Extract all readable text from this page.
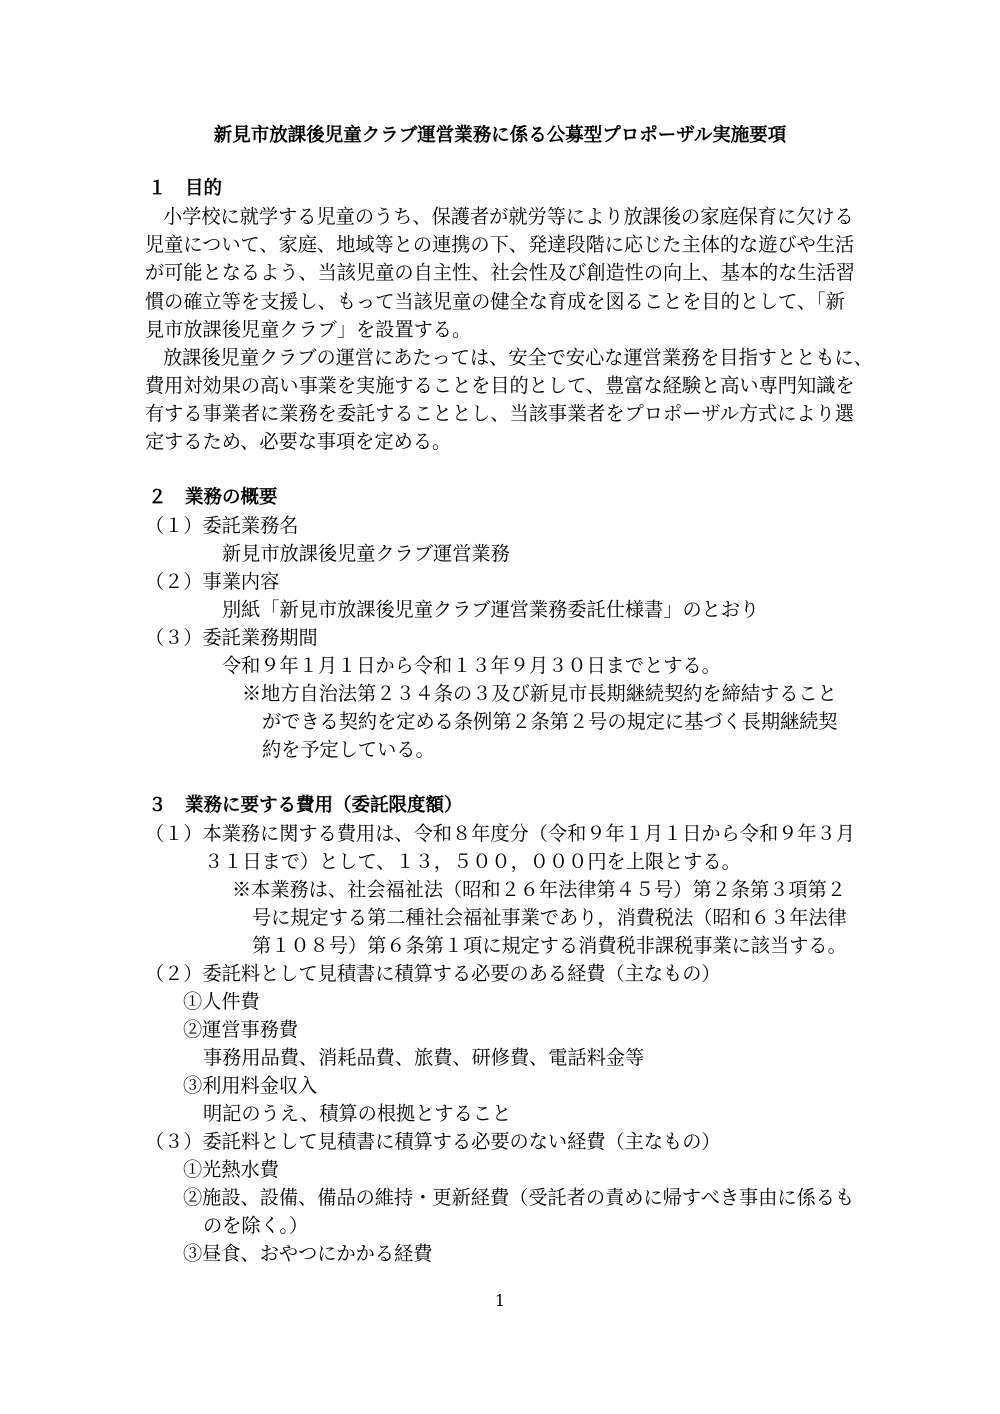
新見市放課後児童クラブ運営業務に係る公募型プロポーザル実施要項
１　目的
小学校に就学する児童のうち、保護者が就労等により放課後の家庭保育に欠ける
児童について、家庭、地域等との連携の下、発達段階に応じた主体的な遊びや生活
が可能となるよう、当該児童の自主性、社会性及び創造性の向上、基本的な生活習
慣の確立等を支援し、もって当該児童の健全な育成を図ることを目的として、「新
見市放課後児童クラブ」を設置する。
放課後児童クラブの運営にあたっては、安全で安心な運営業務を目指すとともに、
費用対効果の高い事業を実施することを目的として、豊富な経験と高い専門知識を
有する事業者に業務を委託することとし、当該事業者をプロポーザル方式により選
定するため、必要な事項を定める。
２　業務の概要
（１）委託業務名
新見市放課後児童クラブ運営業務
（２）事業内容
別紙「新見市放課後児童クラブ運営業務委託仕様書」のとおり
（３）委託業務期間
令和９年１月１日から令和１３年９月３０日までとする。
※地方自治法第２３４条の３及び新見市長期継続契約を締結すること
ができる契約を定める条例第２条第２号の規定に基づく長期継続契
約を予定している。
３　業務に要する費用（委託限度額）
（１）本業務に関する費用は、令和８年度分（令和９年１月１日から令和９年３月
３１日まで）として、１３，５００，０００円を上限とする。
※本業務は、社会福祉法（昭和２６年法律第４５号）第２条第３項第２
号に規定する第二種社会福祉事業であり，消費税法（昭和６３年法律
第１０８号）第６条第１項に規定する消費税非課税事業に該当する。
（２）委託料として見積書に積算する必要のある経費（主なもの）
①人件費
②運営事務費
事務用品費、消耗品費、旅費、研修費、電話料金等
③利用料金収入
明記のうえ、積算の根拠とすること
（３）委託料として見積書に積算する必要のない経費（主なもの）
①光熱水費
②施設、設備、備品の維持・更新経費（受託者の責めに帰すべき事由に係るも
のを除く。）
③昼食、おやつにかかる経費
1
